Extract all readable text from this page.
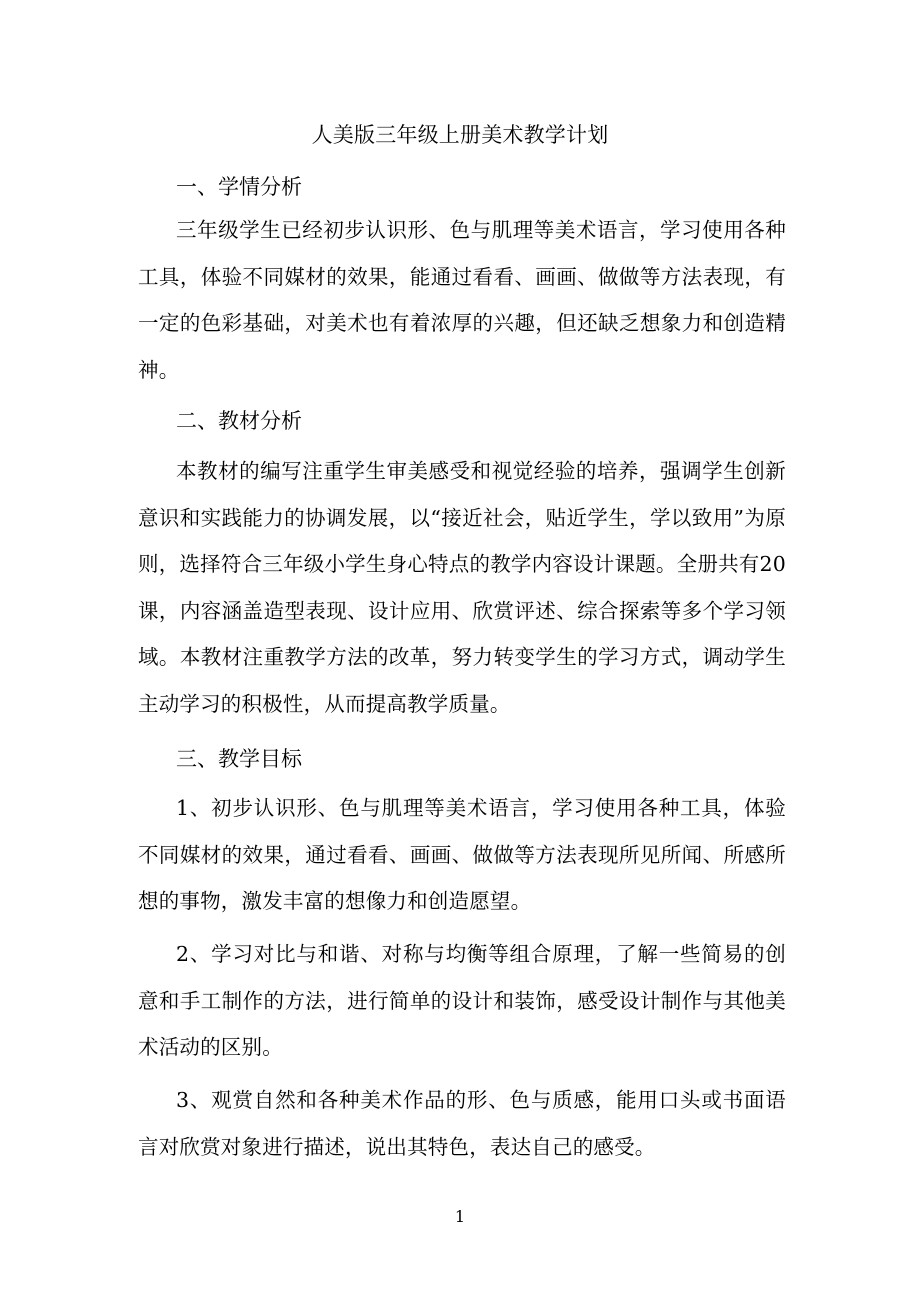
人美版三年级上册美术教学计划
一、学情分析
三年级学生已经初步认识形、色与肌理等美术语言，学习使用各种工具，体验不同媒材的效果，能通过看看、画画、做做等方法表现，有一定的色彩基础，对美术也有着浓厚的兴趣，但还缺乏想象力和创造精神。
二、教材分析
本教材的编写注重学生审美感受和视觉经验的培养，强调学生创新意识和实践能力的协调发展，以“接近社会，贴近学生，学以致用”为原则，选择符合三年级小学生身心特点的教学内容设计课题。全册共有20课，内容涵盖造型表现、设计应用、欣赏评述、综合探索等多个学习领域。本教材注重教学方法的改革，努力转变学生的学习方式，调动学生主动学习的积极性，从而提高教学质量。
三、教学目标
1、初步认识形、色与肌理等美术语言，学习使用各种工具，体验不同媒材的效果，通过看看、画画、做做等方法表现所见所闻、所感所想的事物，激发丰富的想像力和创造愿望。
2、学习对比与和谐、对称与均衡等组合原理，了解一些简易的创意和手工制作的方法，进行简单的设计和装饰，感受设计制作与其他美术活动的区别。
3、观赏自然和各种美术作品的形、色与质感，能用口头或书面语言对欣赏对象进行描述，说出其特色，表达自己的感受。
1
